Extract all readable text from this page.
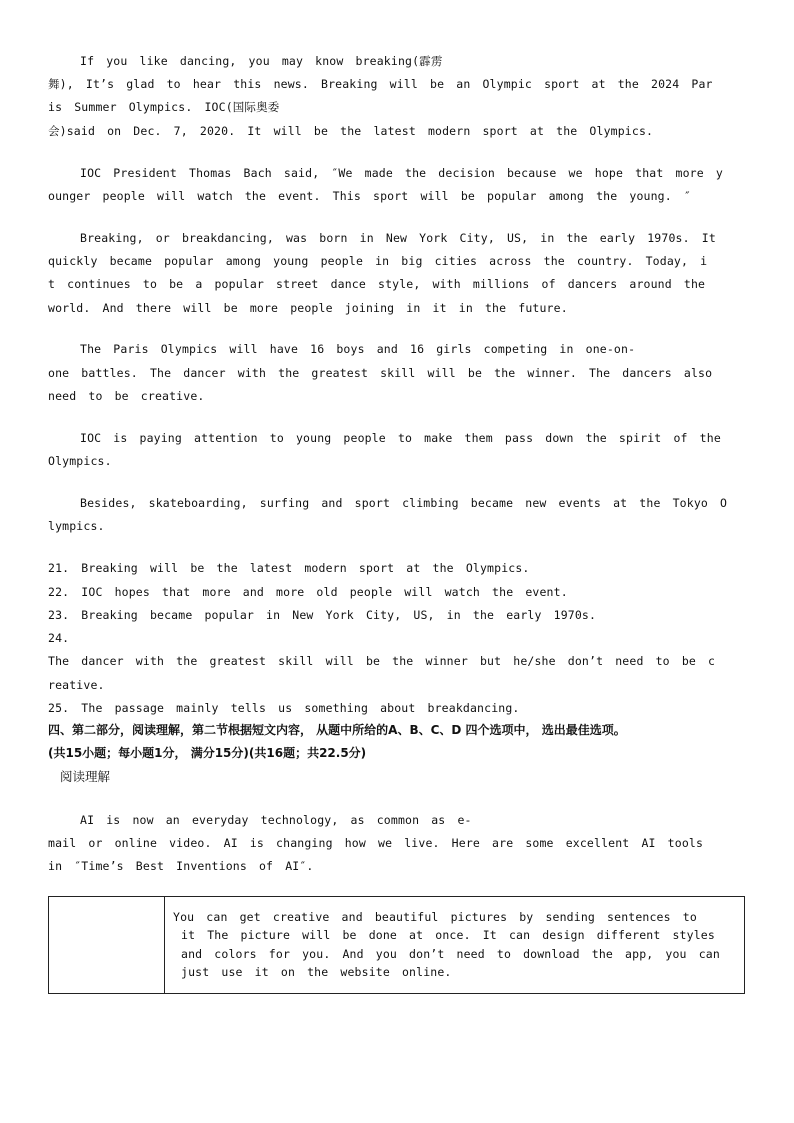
If you like dancing, you may know breaking(霹雳
舞), It’s glad to hear this news. Breaking will be an Olympic sport at the 2024 Par
is Summer Olympics. IOC(国际奥委
会)said on Dec. 7, 2020. It will be the latest modern sport at the Olympics.
IOC President Thomas Bach said, ″We made the decision because we hope that more y
ounger people will watch the event. This sport will be popular among the young. ″
Breaking, or breakdancing, was born in New York City, US, in the early 1970s. It
quickly became popular among young people in big cities across the country. Today, i
t continues to be a popular street dance style, with millions of dancers around the
world. And there will be more people joining in it in the future.
The Paris Olympics will have 16 boys and 16 girls competing in one-on-
one battles. The dancer with the greatest skill will be the winner. The dancers also
need to be creative.
IOC is paying attention to young people to make them pass down the spirit of the
Olympics.
Besides, skateboarding, surfing and sport climbing became new events at the Tokyo O
lympics.
21. Breaking will be the latest modern sport at the Olympics.
22. IOC hopes that more and more old people will watch the event.
23. Breaking became popular in New York City, US, in the early 1970s.
24.
The dancer with the greatest skill will be the winner but he/she don’t need to be c
reative.
25. The passage mainly tells us something about breakdancing.
四、第二部分，阅读理解，第二节根据短文内容， 从题中所给的A、B、C、D 四个选项中， 选出最佳选项。
(共15小题；每小题1分， 满分15分)(共16题；共22.5分)
阅读理解
AI is now an everyday technology, as common as e-
mail or online video. AI is changing how we live. Here are some excellent AI tools
in ″Time’s Best Inventions of AI″.
You can get creative and beautiful pictures by sending sentences to
it The picture will be done at once. It can design different styles
and colors for you. And you don’t need to download the app, you can
just use it on the website online.
